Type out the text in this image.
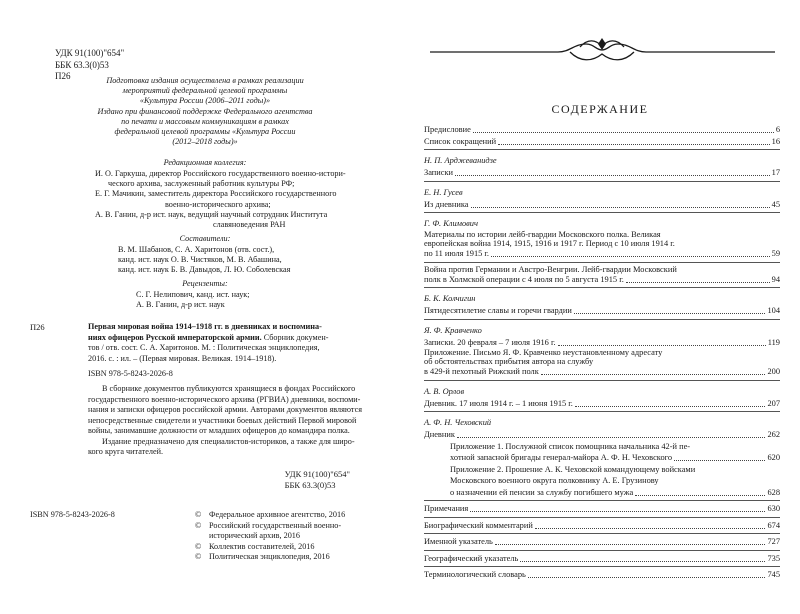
УДК 91(100)"654"
ББК 63.3(0)53
П26	Подготовка издания осуществлена в рамках реализации
мероприятий федеральной целевой программы
«Культура России (2006–2011 годы)»
Издано при финансовой поддержке Федерального агентства
по печати и массовым коммуникациям в рамках
федеральной целевой программы «Культура России
(2012–2018 годы)»
Редакционная коллегия:
И. О. Гаркуша, директор Российского государственного военно-истори-
ческого архива, заслуженный работник культуры РФ;
Е. Г. Мачикин, заместитель директора Российского государственного
военно-исторического архива;
А. В. Ганин, д-р ист. наук, ведущий научный сотрудник Института
славяноведения РАН
Составители:
В. М. Шабанов, С. А. Харитонов (отв. сост.),
канд. ист. наук О. В. Чистяков, М. В. Абашина,
канд. ист. наук Б. В. Давыдов, Л. Ю. Соболевская
Рецензенты:
С. Г. Нелипович, канд. ист. наук;
А. В. Ганин, д-р ист. наук
П26	Первая мировая война 1914–1918 гг. в дневниках и воспомина-
ниях офицеров Русской императорской армии. Сборник докумен-
тов / отв. сост. С. А. Харитонов. М. : Политическая энциклопедия,
2016. с. : ил. – (Первая мировая. Великая. 1914–1918).
ISBN 978-5-8243-2026-8
В сборнике документов публикуются хранящиеся в фондах Российского
государственного военно-исторического архива (РГВИА) дневники, воспоми-
нания и записки офицеров российской армии. Авторами документов являются
непосредственные свидетели и участники боевых действий Первой мировой
войны, занимавшие должности от младших офицеров до командира полка.
Издание предназначено для специалистов-историков, а также для широ-
кого круга читателей.
УДК 91(100)"654"
ББК 63.3(0)53
ISBN 978-5-8243-2026-8	© Федеральное архивное агентство, 2016
© Российский государственный военно-
исторический архив, 2016
© Коллектив составителей, 2016
© Политическая энциклопедия, 2016
СОДЕРЖАНИЕ
Предисловие	6
Список сокращений	16
Н. П. Арджеванидзе
Записки	17
Е. Н. Гусев
Из дневника	45
Г. Ф. Климович
Материалы по истории лейб-гвардии Московского полка. Великая
европейская война 1914, 1915, 1916 и 1917 г. Период с 10 июля 1914 г.
по 11 июля 1915 г.	59
Война против Германии и Австро-Венгрии. Лейб-гвардии Московский
полк в Холмской операции с 4 июля по 5 августа 1915 г.	94
Б. К. Колчигин
Пятидесятилетие славы и горечи гвардии	104
Я. Ф. Кравченко
Записки. 20 февраля – 7 июля 1916 г.	119
Приложение. Письмо Я. Ф. Кравченко неустановленному адресату
об обстоятельствах прибытия автора на службу
в 429-й пехотный Рижский полк	200
А. В. Орлов
Дневник. 17 июля 1914 г. – 1 июня 1915 г.	207
А. Ф. Н. Чеховский
Дневник	262
Приложение 1. Послужной список помощника начальника 42-й пе-
хотной запасной бригады генерал-майора А. Ф. Н. Чеховского	620
Приложение 2. Прошение А. К. Чеховской командующему войсками
Московского военного округа полковнику А. Е. Грузинову
о назначении ей пенсии за службу погибшего мужа	628
Примечания	630
Биографический комментарий	674
Именной указатель	727
Географический указатель	735
Терминологический словарь	745
